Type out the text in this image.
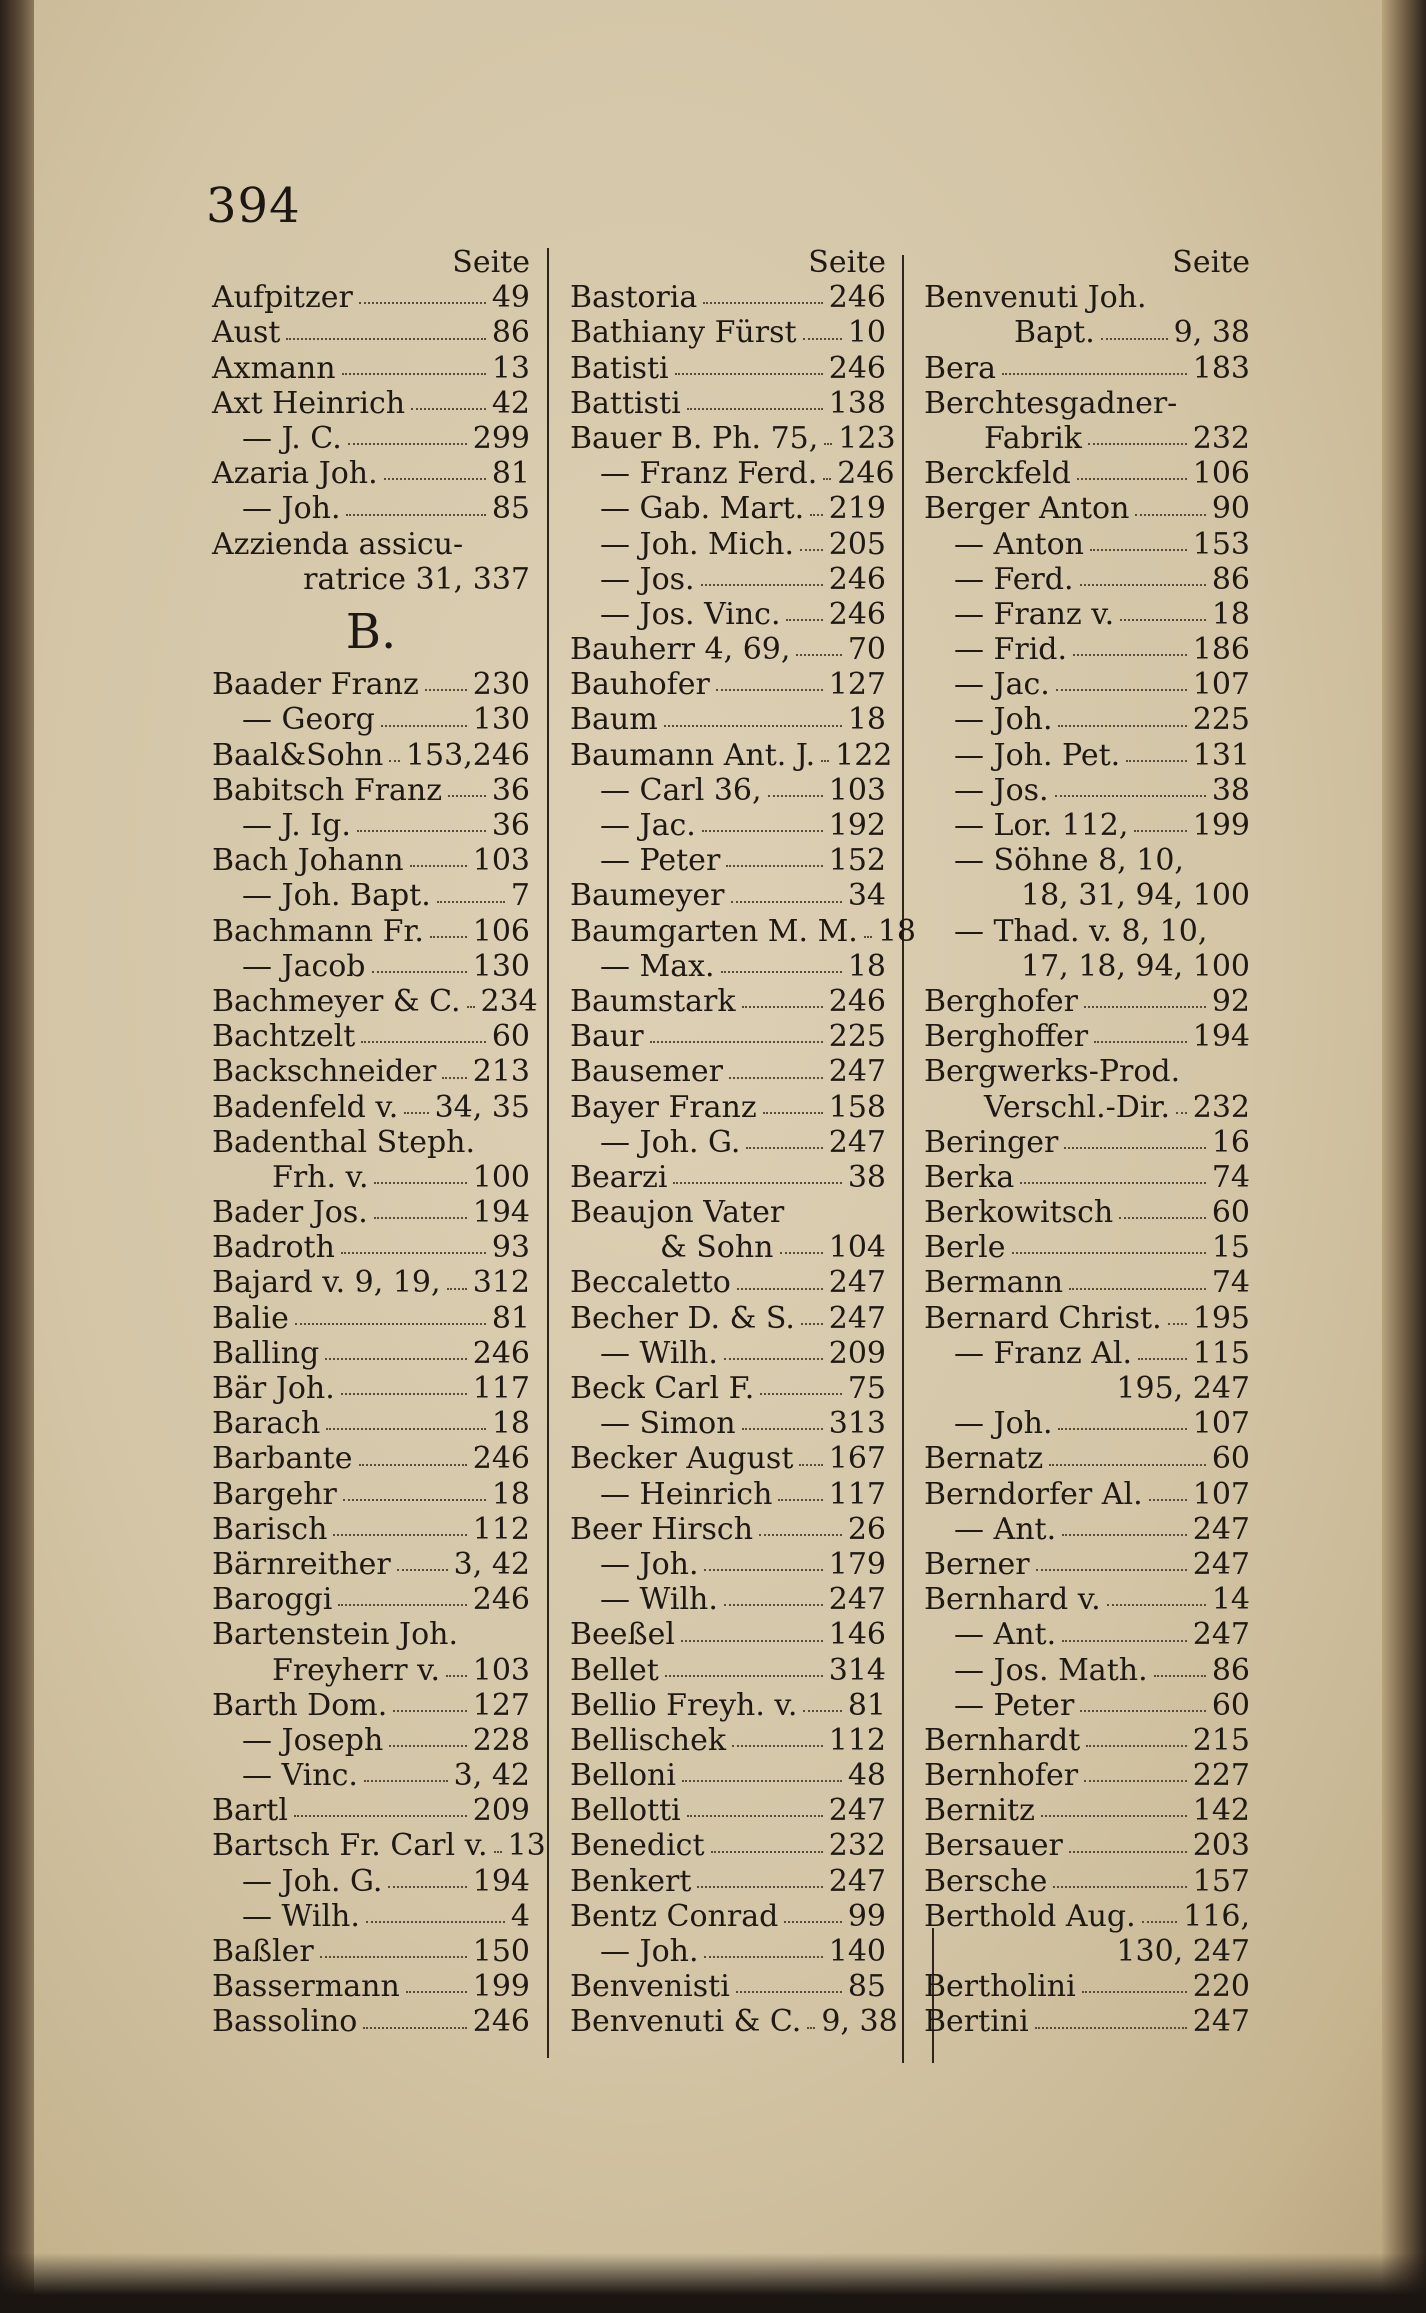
394
Seite
Aufpitzer	49
Aust	86
Axmann	13
Axt Heinrich	42
— J. C.	299
Azaria Joh.	81
— Joh.	85
Azzienda assicu-
ratrice 31, 337
B.
Baader Franz 230
— Georg	130
Baal&Sohn 153,246
Babitsch Franz 36
— J. Ig.	36
Bach Johann 103
— Joh. Bapt.	7
Bachmann Fr. 106
— Jacob	130
Bachmeyer & C. 234
Bachtzelt	60
Backschneider 213
Badenfeld v. 34, 35
Badenthal Steph.
Frh. v.	100
Bader Jos.	194
Badroth	93
Bajard v. 9, 19, 312
Balie	81
Balling	246
Bär Joh.	117
Barach	18
Barbante	246
Bargehr	18
Barisch	112
Bärnreither 3, 42
Baroggi	246
Bartenstein Joh.
Freyherr v. 103
Barth Dom.	127
— Joseph	228
— Vinc.	3, 42
Bartl	209
Bartsch Fr. Carl v. 13
— Joh. G.	194
— Wilh.	4
Baßler	150
Bassermann 199
Bassolino	246
Seite
Bastoria	246
Bathiany Fürst 10
Batisti	246
Battisti	138
Bauer B. Ph. 75, 123
— Franz Ferd. 246
— Gab. Mart. 219
— Joh. Mich. 205
— Jos.	246
— Jos. Vinc. 246
Bauherr 4, 69, 70
Bauhofer	127
Baum	18
Baumann Ant. J. 122
— Carl 36, 103
— Jac.	192
— Peter	152
Baumeyer	34
Baumgarten M. M. 18
— Max.	18
Baumstark	246
Baur	225
Bausemer	247
Bayer Franz 158
— Joh. G.	247
Bearzi	38
Beaujon Vater
& Sohn 104
Beccaletto	247
Becher D. & S. 247
— Wilh.	209
Beck Carl F.	75
— Simon	313
Becker August 167
— Heinrich 117
Beer Hirsch	26
— Joh.	179
— Wilh.	247
Beeßel	146
Bellet	314
Bellio Freyh. v. 81
Bellischek	112
Belloni	48
Bellotti	247
Benedict	232
Benkert	247
Bentz Conrad 99
— Joh.	140
Benvenisti	85
Benvenuti & C. 9, 38
Seite
Benvenuti Joh.
Bapt.	9, 38
Bera	183
Berchtesgadner-
Fabrik	232
Berckfeld	106
Berger Anton	90
— Anton	153
— Ferd.	86
— Franz v.	18
— Frid.	186
— Jac.	107
— Joh.	225
— Joh. Pet. 131
— Jos.	38
— Lor. 112, 199
— Söhne 8, 10,
18, 31, 94, 100
— Thad. v. 8, 10,
17, 18, 94, 100
Berghofer	92
Berghoffer	194
Bergwerks-Prod.
Verschl.-Dir. 232
Beringer	16
Berka	74
Berkowitsch	60
Berle	15
Bermann	74
Bernard Christ. 195
— Franz Al. 115
195, 247
— Joh.	107
Bernatz	60
Berndorfer Al. 107
— Ant.	247
Berner	247
Bernhard v.	14
— Ant.	247
— Jos. Math. 86
— Peter	60
Bernhardt	215
Bernhofer	227
Bernitz	142
Bersauer	203
Bersche	157
Berthold Aug. 116,
130, 247
Bertholini	220
Bertini	247
